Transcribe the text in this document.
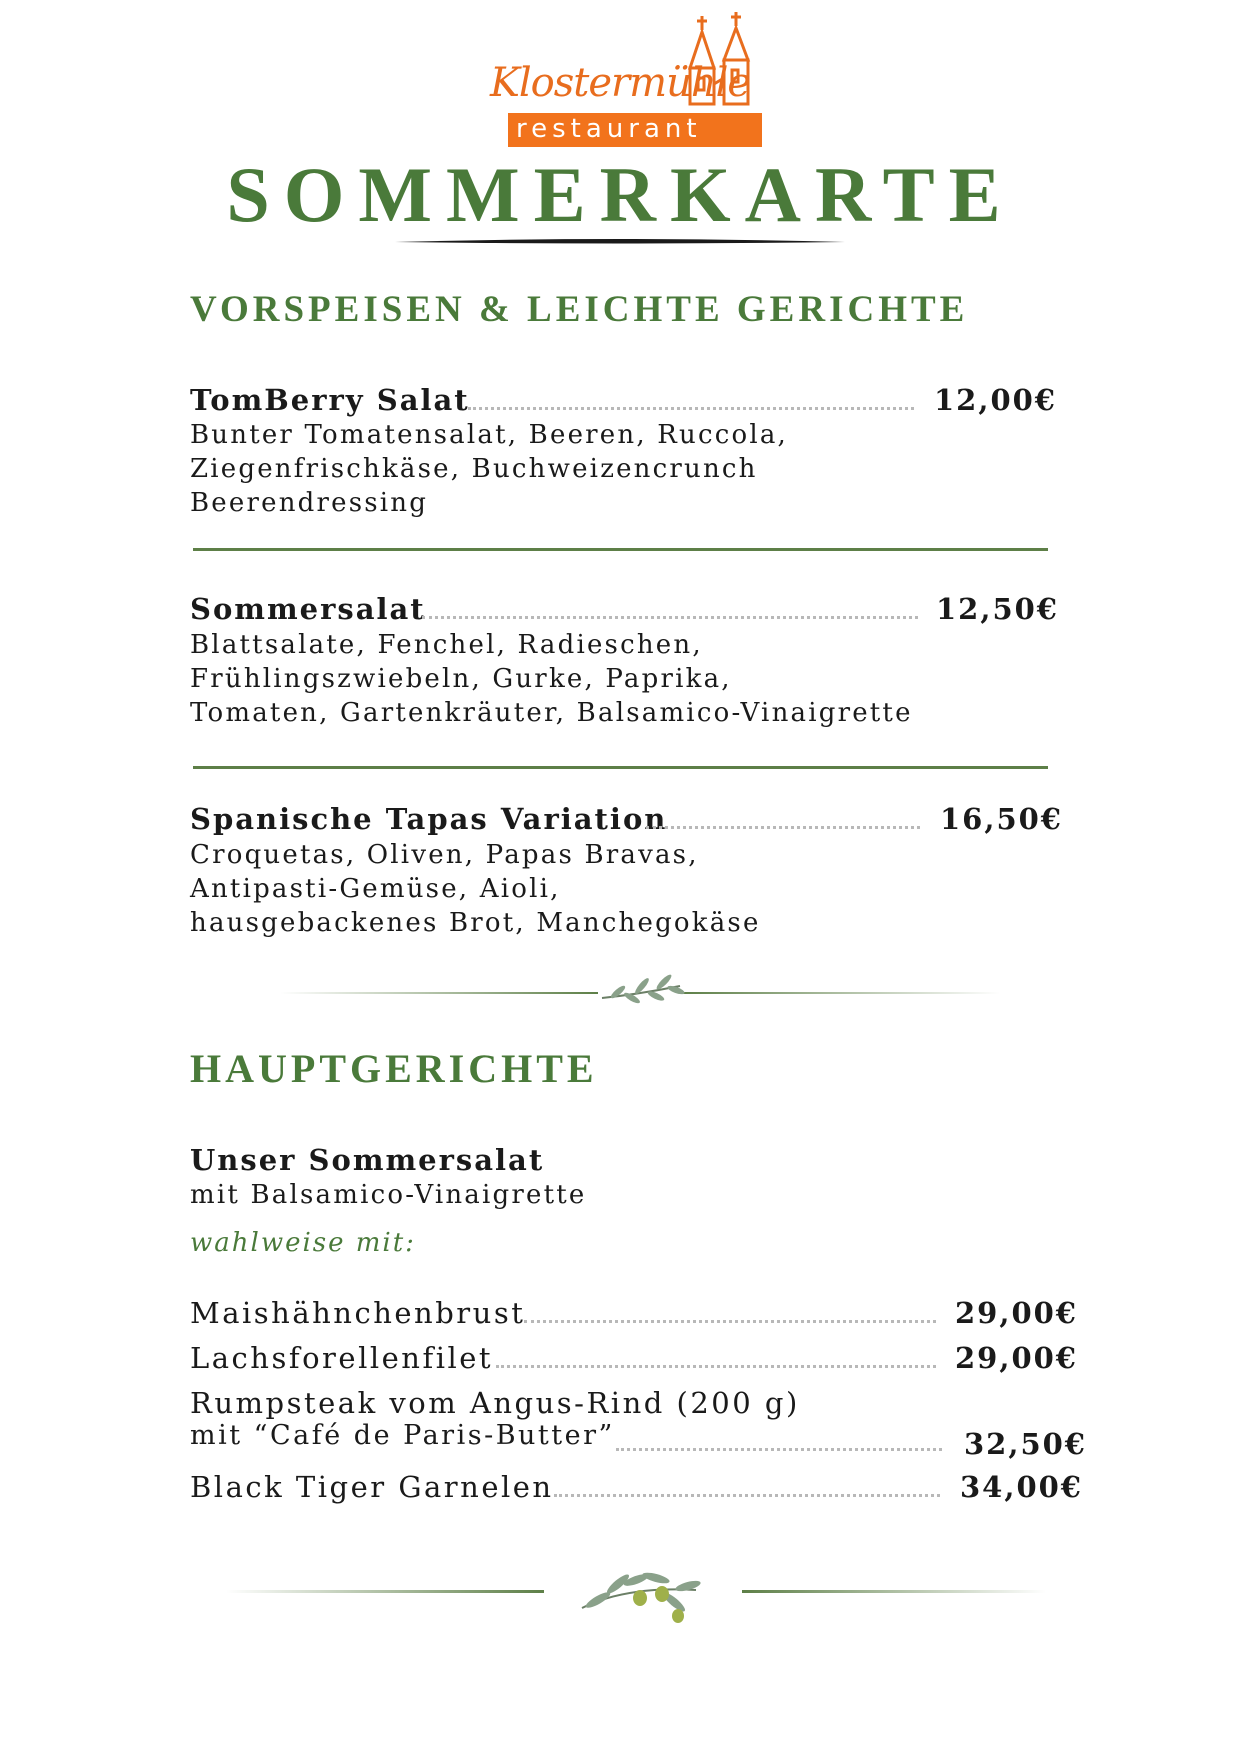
Klostermühle
restaurant
SOMMERKARTE
VORSPEISEN & LEICHTE GERICHTE
TomBerry Salat	12,00€
Bunter Tomatensalat, Beeren, Ruccola,
Ziegenfrischkäse, Buchweizencrunch
Beerendressing
Sommersalat	12,50€
Blattsalate, Fenchel, Radieschen,
Frühlingszwiebeln, Gurke, Paprika,
Tomaten, Gartenkräuter, Balsamico-Vinaigrette
Spanische Tapas Variation	16,50€
Croquetas, Oliven, Papas Bravas,
Antipasti-Gemüse, Aioli,
hausgebackenes Brot, Manchegokäse
HAUPTGERICHTE
Unser Sommersalat
mit Balsamico-Vinaigrette
wahlweise mit:
Maishähnchenbrust	29,00€
Lachsforellenfilet	29,00€
Rumpsteak vom Angus-Rind (200 g)
mit “Café de Paris-Butter”	32,50€
Black Tiger Garnelen	34,00€
